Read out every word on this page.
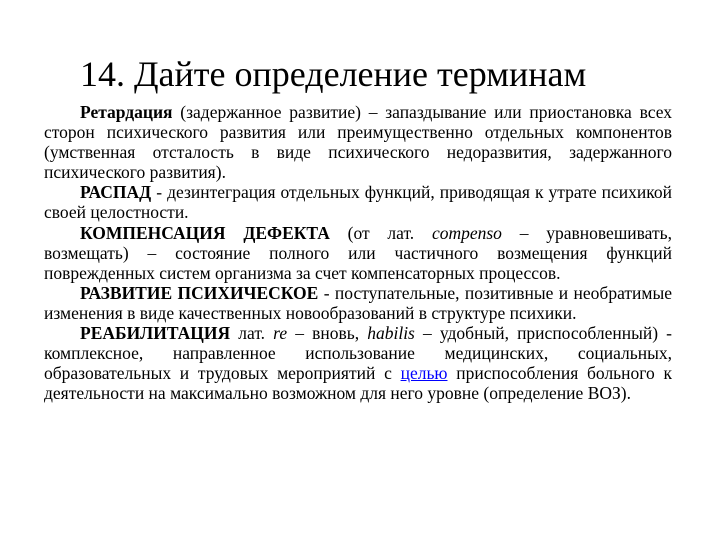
14. Дайте определение терминам

Ретардация (задержанное развитие) – запаздывание или приостановка всех сторон психического развития или преимущественно отдельных компонентов (умственная отсталость в виде психического недоразвития, задержанного психического развития).

РАСПАД - дезинтеграция отдельных функций, приводящая к утрате психикой своей целостности.

КОМПЕНСАЦИЯ ДЕФЕКТА (от лат. compenso – уравновешивать, возмещать) – состояние полного или частичного возмещения функций поврежденных систем организма за счет компенсаторных процессов.

РАЗВИТИЕ ПСИХИЧЕСКОЕ - поступательные, позитивные и необратимые изменения в виде качественных новообразований в структуре психики.

РЕАБИЛИТАЦИЯ лат. re – вновь, habilis – удобный, приспособленный) - комплексное, направленное использование медицинских, социальных, образовательных и трудовых мероприятий с целью приспособления больного к деятельности на максимально возможном для него уровне (определение ВОЗ).
